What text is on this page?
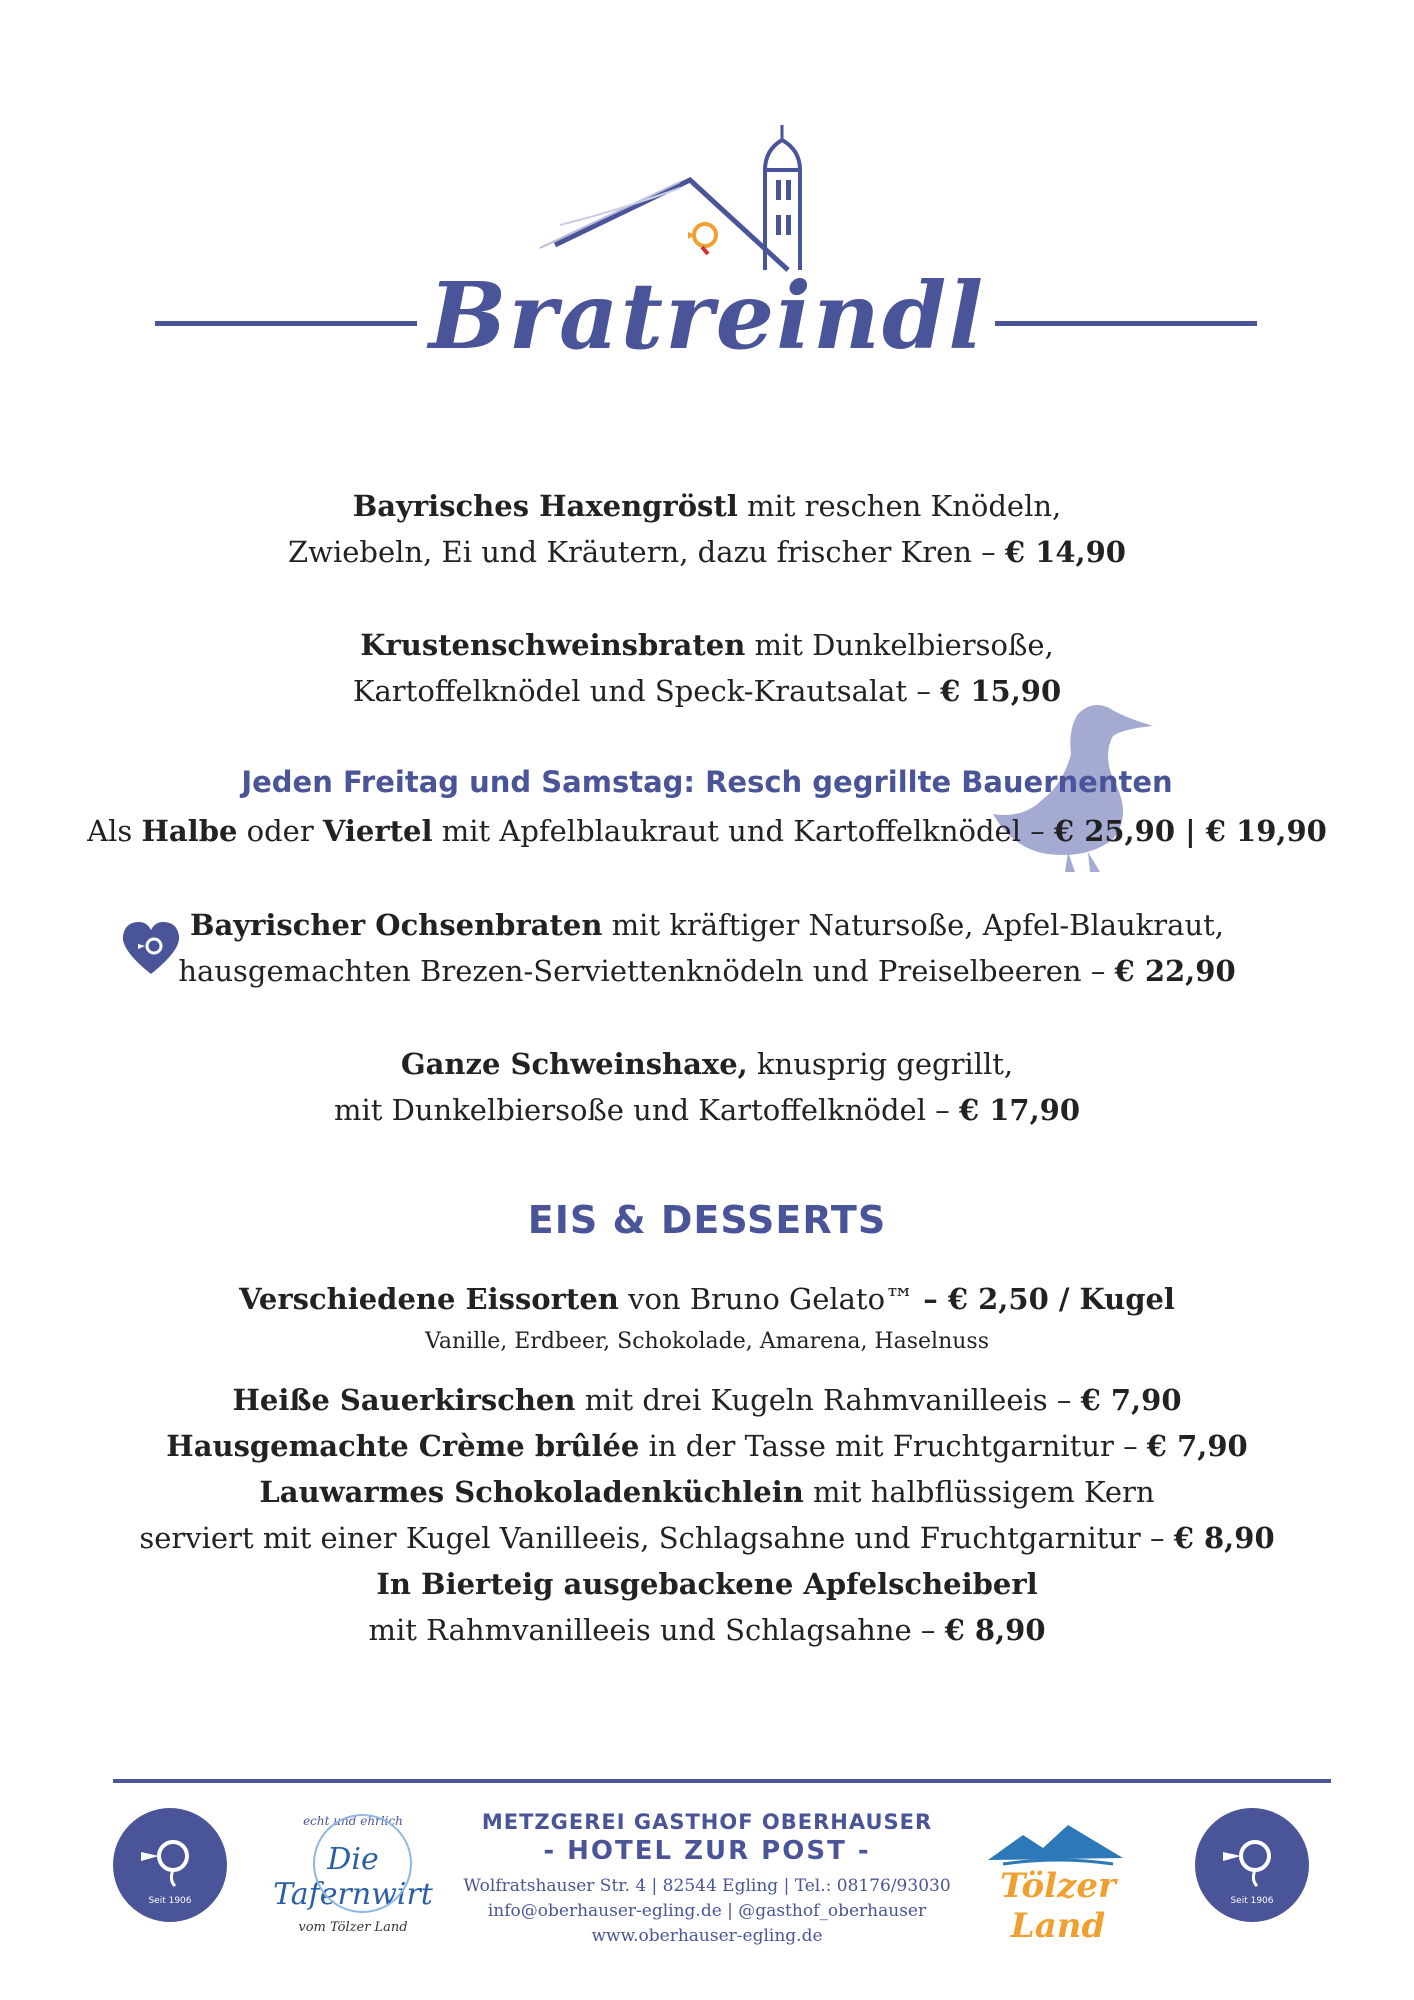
Bratreindl
Bayrisches Haxengröstl mit reschen Knödeln,
Zwiebeln, Ei und Kräutern, dazu frischer Kren – € 14,90
Krustenschweinsbraten mit Dunkelbiersoße,
Kartoffelknödel und Speck-Krautsalat – € 15,90
Jeden Freitag und Samstag: Resch gegrillte Bauernenten
Als Halbe oder Viertel mit Apfelblaukraut und Kartoffelknödel – € 25,90 | € 19,90
Bayrischer Ochsenbraten mit kräftiger Natursoße, Apfel-Blaukraut,
hausgemachten Brezen-Serviettenknödeln und Preiselbeeren – € 22,90
Ganze Schweinshaxe, knusprig gegrillt,
mit Dunkelbiersoße und Kartoffelknödel – € 17,90
EIS & DESSERTS
Verschiedene Eissorten von Bruno Gelato™ – € 2,50 / Kugel
Vanille, Erdbeer, Schokolade, Amarena, Haselnuss
Heiße Sauerkirschen mit drei Kugeln Rahmvanilleeis – € 7,90
Hausgemachte Crème brûlée in der Tasse mit Fruchtgarnitur – € 7,90
Lauwarmes Schokoladenküchlein mit halbflüssigem Kern
serviert mit einer Kugel Vanilleeis, Schlagsahne und Fruchtgarnitur – € 8,90
In Bierteig ausgebackene Apfelscheiberl
mit Rahmvanilleeis und Schlagsahne – € 8,90
Seit 1906
echt und ehrlich
Die Tafernwirt
vom Tölzer Land
METZGEREI GASTHOF OBERHAUSER
- HOTEL ZUR POST -
Wolfratshauser Str. 4 | 82544 Egling | Tel.: 08176/93030
info@oberhauser-egling.de | @gasthof_oberhauser
www.oberhauser-egling.de
Tölzer Land
Seit 1906
